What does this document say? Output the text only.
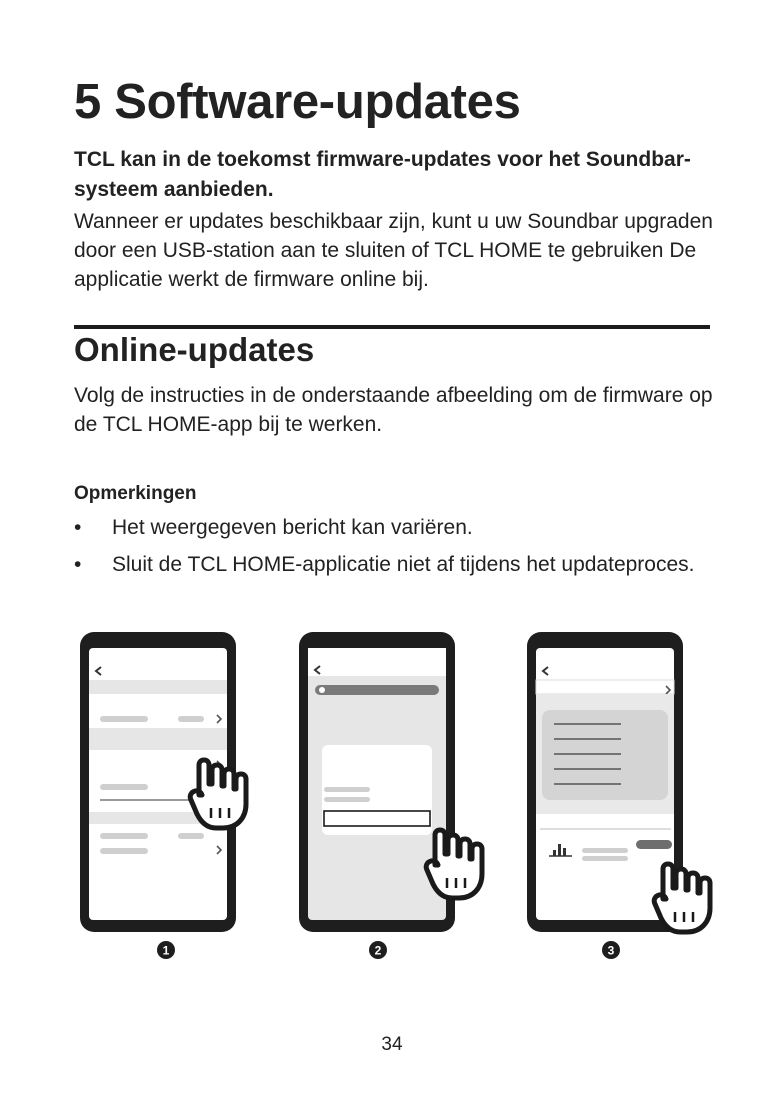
5 Software-updates

TCL kan in de toekomst firmware-updates voor het Soundbar-systeem aanbieden.

Wanneer er updates beschikbaar zijn, kunt u uw Soundbar upgraden door een USB-station aan te sluiten of TCL HOME te gebruiken De applicatie werkt de firmware online bij.

Online-updates

Volg de instructies in de onderstaande afbeelding om de firmware op de TCL HOME-app bij te werken.

Opmerkingen

• Het weergegeven bericht kan variëren.
• Sluit de TCL HOME-applicatie niet af tijdens het updateproces.
1	2	3

34
